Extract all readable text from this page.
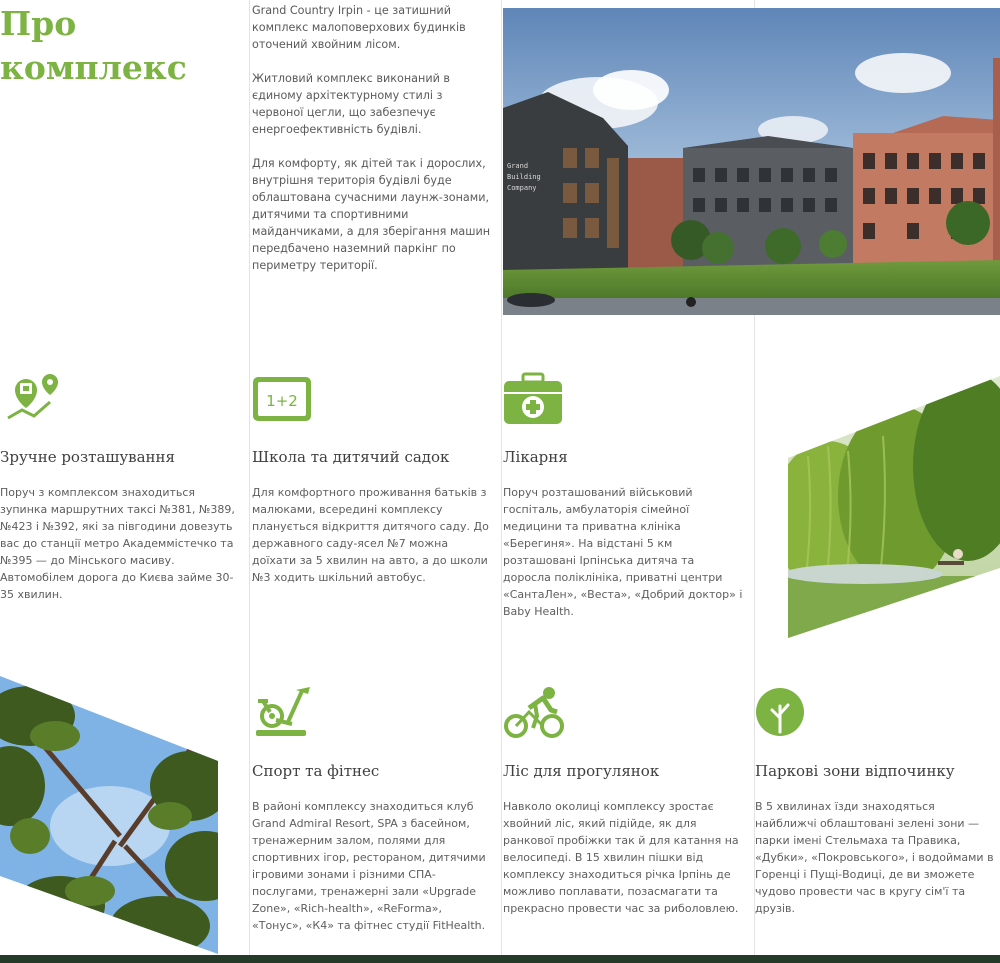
Про
комплекс

Grand Country Irpin - це затишний комплекс малоповерхових будинків оточений хвойним лісом.

Житловий комплекс виконаний в єдиному архітектурному стилі з червоної цегли, що забезпечує енергоефективність будівлі.

Для комфорту, як дітей так і дорослих, внутрішня територія будівлі буде облаштована сучасними лаунж-зонами, дитячими та спортивними майданчиками, а для зберігання машин передбачено наземний паркінг по периметру території.

Grand Building Company
Зручне розташування

Поруч з комплексом знаходиться зупинка маршрутних таксі №381, №389, №423 і №392, які за півгодини довезуть вас до станції метро Академмістечко та №395 — до Мінського масиву. Автомобілем дорога до Києва займе 30-35 хвилин.

1+2
Школа та дитячий садок

Для комфортного проживання батьків з малюками, всередині комплексу планується відкриття дитячого саду. До державного саду-ясел №7 можна доїхати за 5 хвилин на авто, а до школи №3 ходить шкільний автобус.

Лікарня

Поруч розташований військовий госпіталь, амбулаторія сімейної медицини та приватна клініка «Берегиня». На відстані 5 км розташовані Ірпінська дитяча та доросла поліклініка, приватні центри «СантаЛен», «Веста», «Добрий доктор» і Baby Health.

Спорт та фітнес

В районі комплексу знаходиться клуб Grand Admiral Resort, SPA з басейном, тренажерним залом, полями для спортивних ігор, рестораном, дитячими ігровими зонами і різними СПА-послугами, тренажерні зали «Upgrade Zone», «Rich-health», «ReForma», «Тонус», «К4» та фітнес студії FitHealth.

Ліс для прогулянок

Навколо околиці комплексу зростає хвойний ліс, який підійде, як для ранкової пробіжки так й для катання на велосипеді. В 15 хвилин пішки від комплексу знаходиться річка Ірпінь де можливо поплавати, позасмагати та прекрасно провести час за риболовлею.

Паркові зони відпочинку

В 5 хвилинах їзди знаходяться найближчі облаштовані зелені зони — парки імені Стельмаха та Правика, «Дубки», «Покровського», і водоймами в Горенці і Пущі-Водиці, де ви зможете чудово провести час в кругу сім'ї та друзів.
